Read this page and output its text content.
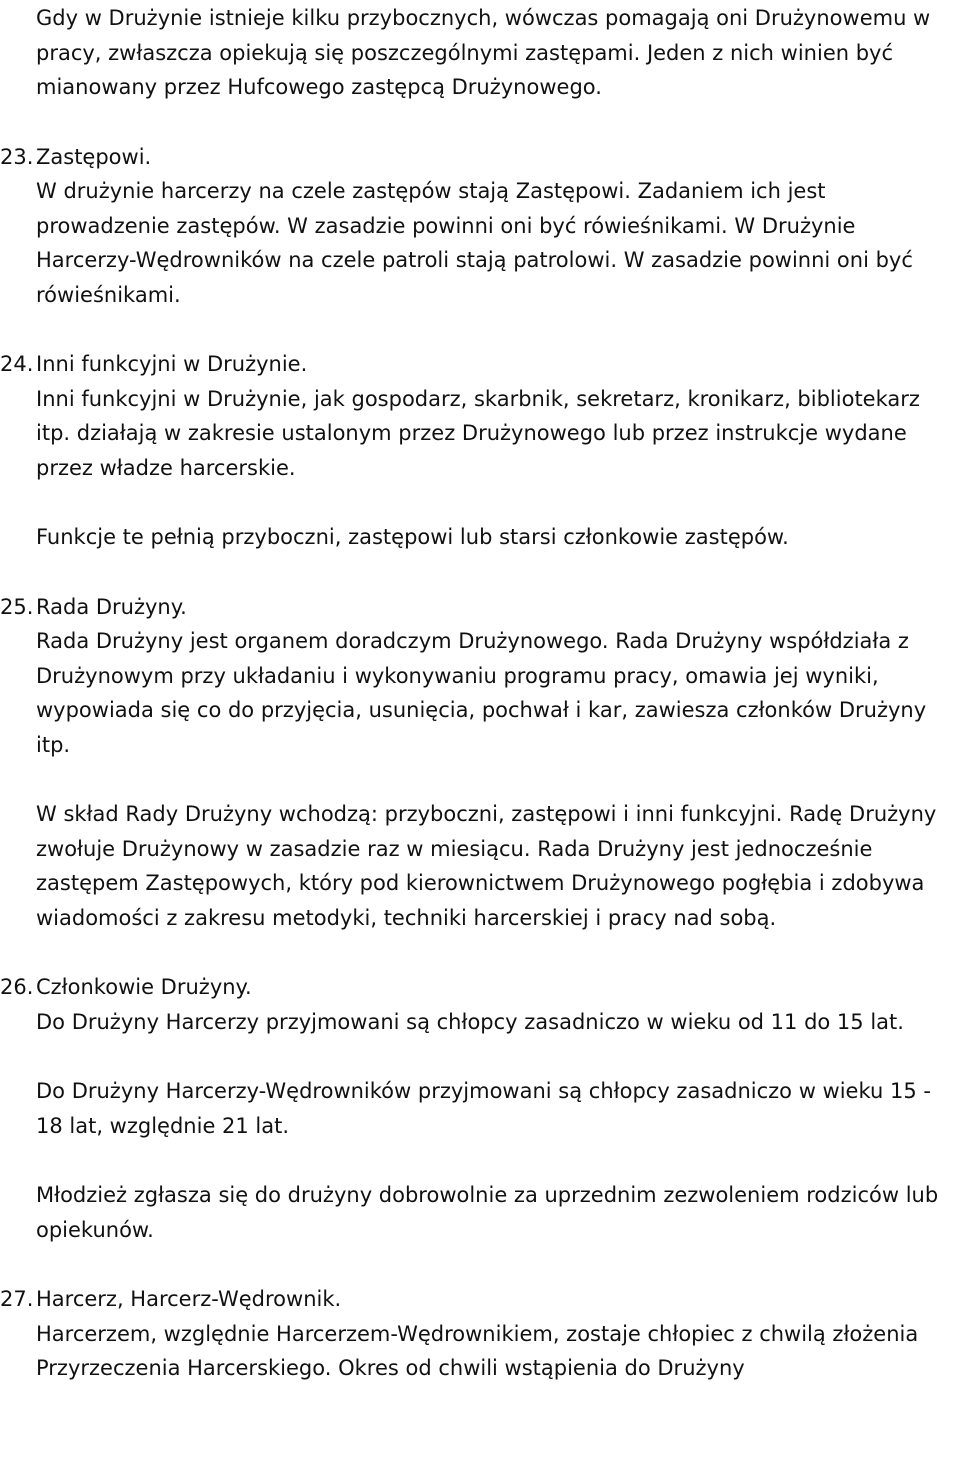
Gdy w Drużynie istnieje kilku przybocznych, wówczas pomagają oni Drużynowemu w pracy, zwłaszcza opiekują się poszczególnymi zastępami. Jeden z nich winien być mianowany przez Hufcowego zastępcą Drużynowego.

23. Zastępowi.

W drużynie harcerzy na czele zastępów stają Zastępowi. Zadaniem ich jest prowadzenie zastępów. W zasadzie powinni oni być rówieśnikami. W Drużynie Harcerzy-Wędrowników na czele patroli stają patrolowi. W zasadzie powinni oni być rówieśnikami.

24. Inni funkcyjni w Drużynie.

Inni funkcyjni w Drużynie, jak gospodarz, skarbnik, sekretarz, kronikarz, bibliotekarz itp. działają w zakresie ustalonym przez Drużynowego lub przez instrukcje wydane przez władze harcerskie.

Funkcje te pełnią przyboczni, zastępowi lub starsi członkowie zastępów.

25. Rada Drużyny.

Rada Drużyny jest organem doradczym Drużynowego. Rada Drużyny współdziała z Drużynowym przy układaniu i wykonywaniu programu pracy, omawia jej wyniki, wypowiada się co do przyjęcia, usunięcia, pochwał i kar, zawiesza członków Drużyny itp.

W skład Rady Drużyny wchodzą: przyboczni, zastępowi i inni funkcyjni. Radę Drużyny zwołuje Drużynowy w zasadzie raz w miesiącu. Rada Drużyny jest jednocześnie zastępem Zastępowych, który pod kierownictwem Drużynowego pogłębia i zdobywa wiadomości z zakresu metodyki, techniki harcerskiej i pracy nad sobą.

26. Członkowie Drużyny.

Do Drużyny Harcerzy przyjmowani są chłopcy zasadniczo w wieku od 11 do 15 lat.

Do Drużyny Harcerzy-Wędrowników przyjmowani są chłopcy zasadniczo w wieku 15 - 18 lat, względnie 21 lat.

Młodzież zgłasza się do drużyny dobrowolnie za uprzednim zezwoleniem rodziców lub opiekunów.

27. Harcerz, Harcerz-Wędrownik.

Harcerzem, względnie Harcerzem-Wędrownikiem, zostaje chłopiec z chwilą złożenia Przyrzeczenia Harcerskiego. Okres od chwili wstąpienia do Drużyny
